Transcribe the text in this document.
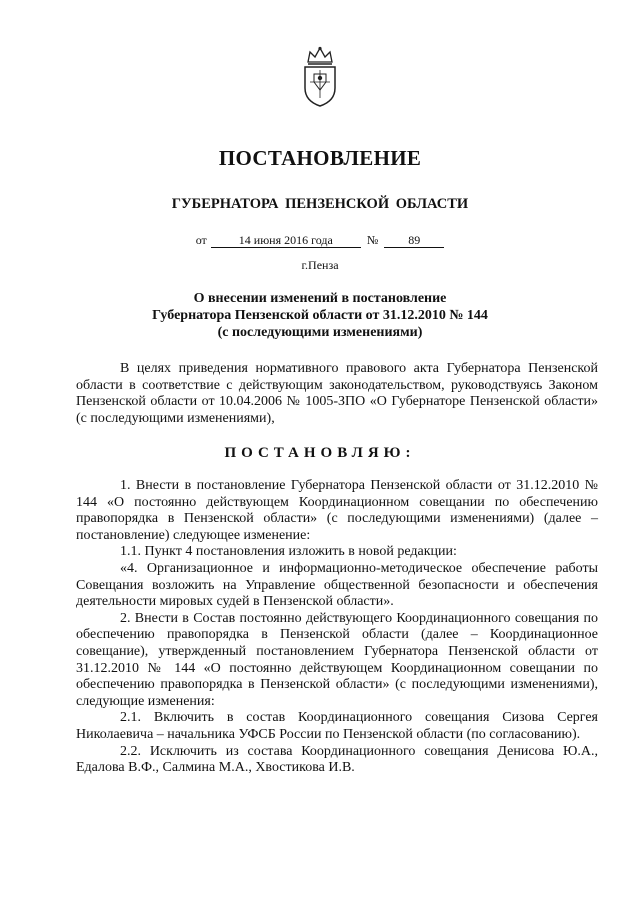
ПОСТАНОВЛЕНИЕ
ГУБЕРНАТОРА ПЕНЗЕНСКОЙ ОБЛАСТИ
от	14 июня 2016 года	№	89
г.Пенза
О внесении изменений в постановление
Губернатора Пензенской области от 31.12.2010 № 144
(с последующими изменениями)

В целях приведения нормативного правового акта Губернатора Пензенской области в соответствие с действующим законодательством, руководствуясь Законом Пензенской области от 10.04.2006 № 1005-ЗПО «О Губернаторе Пензенской области» (с последующими изменениями),

ПОСТАНОВЛЯЮ:

1. Внести в постановление Губернатора Пензенской области от 31.12.2010 № 144 «О постоянно действующем Координационном совещании по обеспечению правопорядка в Пензенской области» (с последующими изменениями) (далее – постановление) следующее изменение:

1.1. Пункт 4 постановления изложить в новой редакции:

«4. Организационное и информационно-методическое обеспечение работы Совещания возложить на Управление общественной безопасности и обеспечения деятельности мировых судей в Пензенской области».

2. Внести в Состав постоянно действующего Координационного совещания по обеспечению правопорядка в Пензенской области (далее – Координационное совещание), утвержденный постановлением Губернатора Пензенской области от 31.12.2010 № 144 «О постоянно действующем Координационном совещании по обеспечению правопорядка в Пензенской области» (с последующими изменениями), следующие изменения:

2.1. Включить в состав Координационного совещания Сизова Сергея Николаевича – начальника УФСБ России по Пензенской области (по согласованию).

2.2. Исключить из состава Координационного совещания Денисова Ю.А., Едалова В.Ф., Салмина М.А., Хвостикова И.В.
